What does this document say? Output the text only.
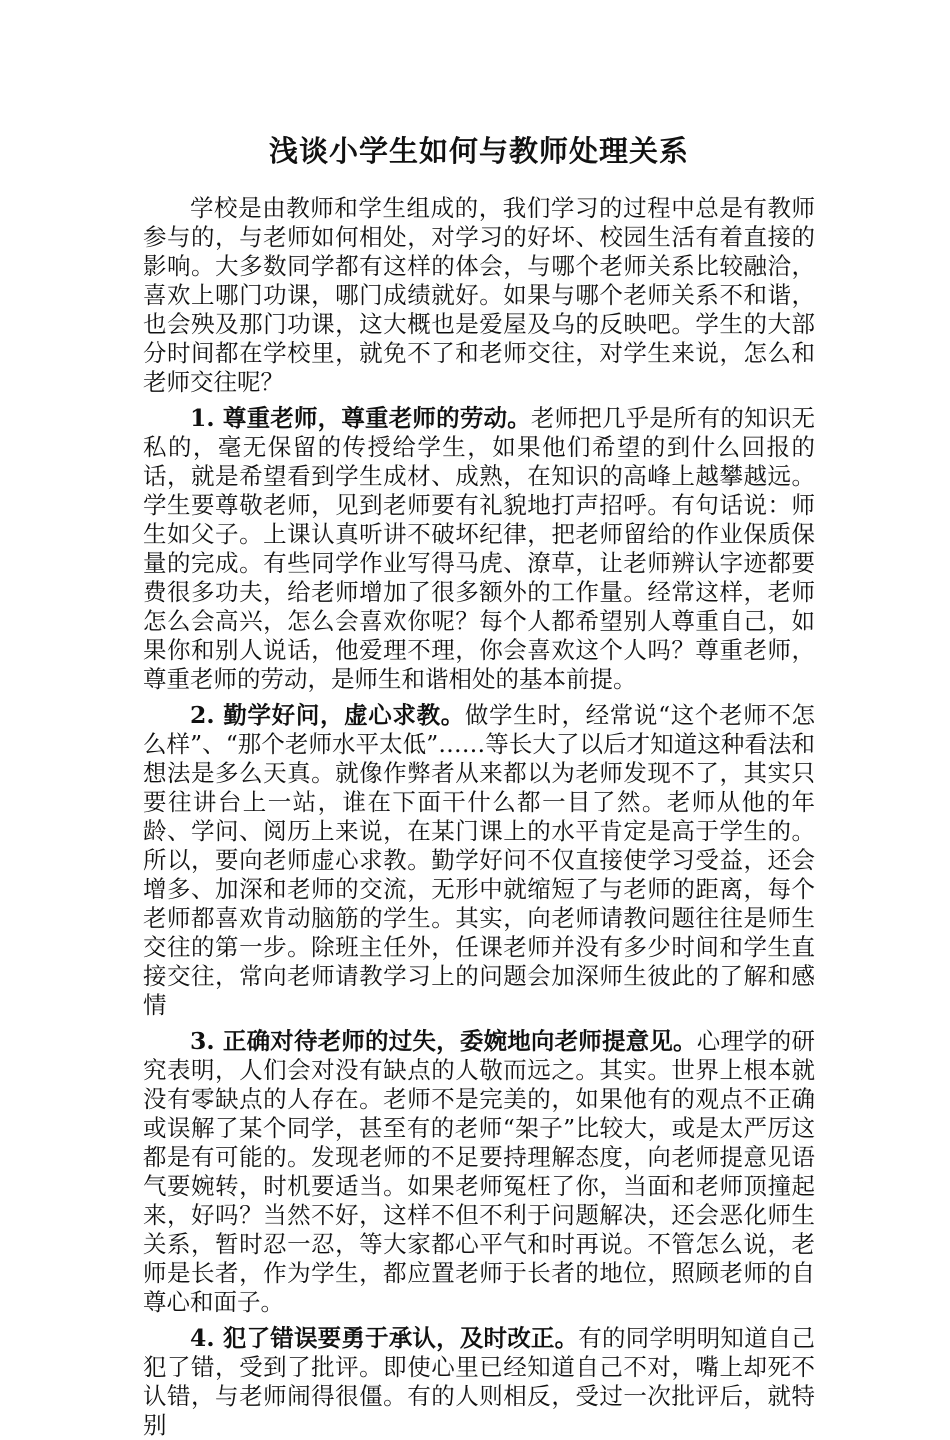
浅谈小学生如何与教师处理关系

学校是由教师和学生组成的，我们学习的过程中总是有教师参与的，与老师如何相处，对学习的好坏、校园生活有着直接的影响。大多数同学都有这样的体会，与哪个老师关系比较融洽，喜欢上哪门功课，哪门成绩就好。如果与哪个老师关系不和谐，也会殃及那门功课，这大概也是爱屋及乌的反映吧。学生的大部分时间都在学校里，就免不了和老师交往，对学生来说，怎么和老师交往呢？

1. 尊重老师，尊重老师的劳动。老师把几乎是所有的知识无私的，毫无保留的传授给学生，如果他们希望的到什么回报的话，就是希望看到学生成材、成熟，在知识的高峰上越攀越远。学生要尊敬老师，见到老师要有礼貌地打声招呼。有句话说：师生如父子。上课认真听讲不破坏纪律，把老师留给的作业保质保量的完成。有些同学作业写得马虎、潦草，让老师辨认字迹都要费很多功夫，给老师增加了很多额外的工作量。经常这样，老师怎么会高兴，怎么会喜欢你呢？每个人都希望别人尊重自己，如果你和别人说话，他爱理不理，你会喜欢这个人吗？尊重老师，尊重老师的劳动，是师生和谐相处的基本前提。

2. 勤学好问，虚心求教。做学生时，经常说“这个老师不怎么样”、“那个老师水平太低”……等长大了以后才知道这种看法和想法是多么天真。就像作弊者从来都以为老师发现不了，其实只要往讲台上一站，谁在下面干什么都一目了然。老师从他的年龄、学问、阅历上来说，在某门课上的水平肯定是高于学生的。所以，要向老师虚心求教。勤学好问不仅直接使学习受益，还会增多、加深和老师的交流，无形中就缩短了与老师的距离，每个老师都喜欢肯动脑筋的学生。其实，向老师请教问题往往是师生交往的第一步。除班主任外，任课老师并没有多少时间和学生直接交往，常向老师请教学习上的问题会加深师生彼此的了解和感情

3. 正确对待老师的过失，委婉地向老师提意见。心理学的研究表明，人们会对没有缺点的人敬而远之。其实。世界上根本就没有零缺点的人存在。老师不是完美的，如果他有的观点不正确或误解了某个同学，甚至有的老师“架子”比较大，或是太严厉这都是有可能的。发现老师的不足要持理解态度，向老师提意见语气要婉转，时机要适当。如果老师冤枉了你，当面和老师顶撞起来，好吗？当然不好，这样不但不利于问题解决，还会恶化师生关系，暂时忍一忍，等大家都心平气和时再说。不管怎么说，老师是长者，作为学生，都应置老师于长者的地位，照顾老师的自尊心和面子。

4. 犯了错误要勇于承认，及时改正。有的同学明明知道自己犯了错，受到了批评。即使心里已经知道自己不对，嘴上却死不认错，与老师闹得很僵。有的人则相反，受过一次批评后，就特别
